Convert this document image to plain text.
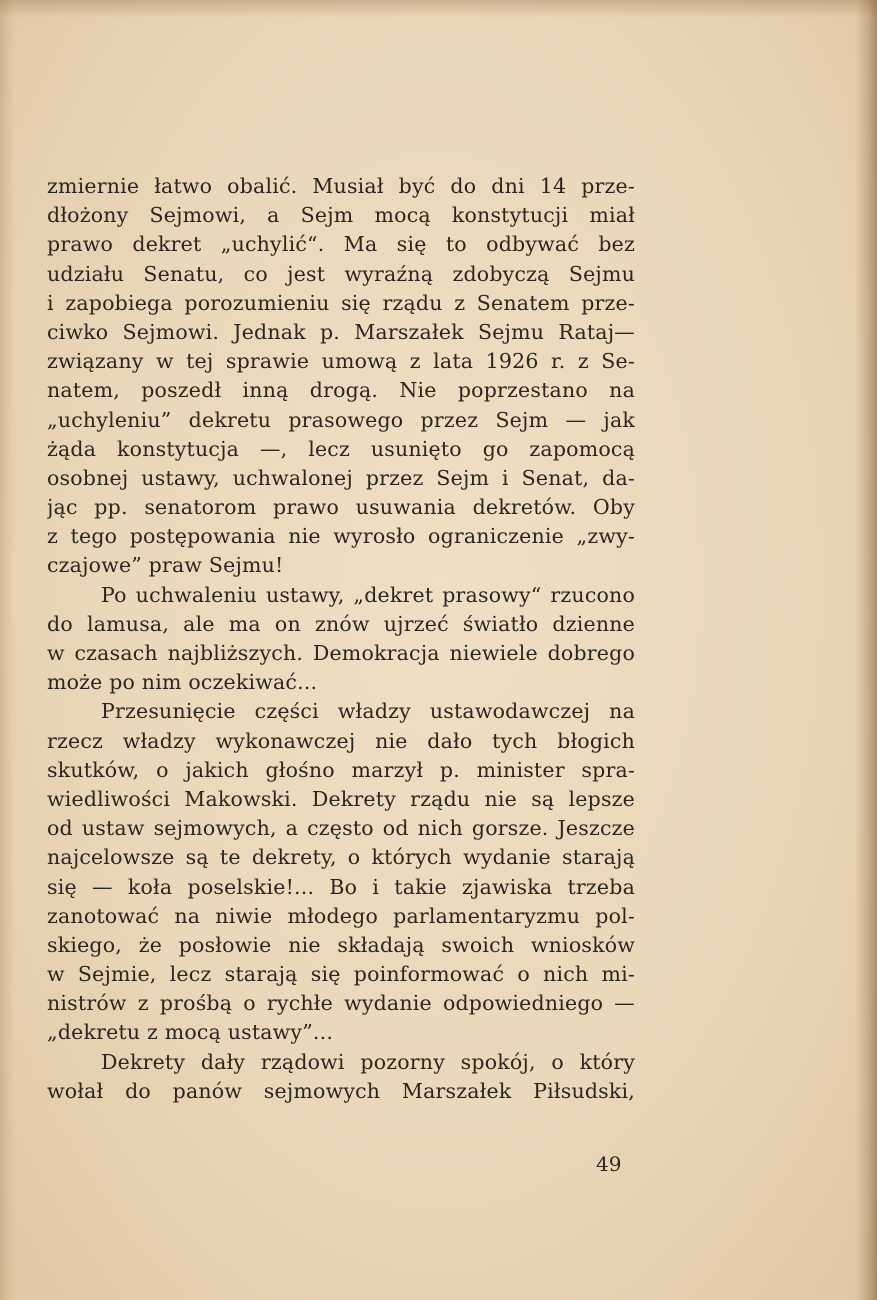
zmiernie łatwo obalić. Musiał być do dni 14 prze-
dłożony Sejmowi, a Sejm mocą konstytucji miał
prawo dekret „uchylić“. Ma się to odbywać bez
udziału Senatu, co jest wyraźną zdobyczą Sejmu
i zapobiega porozumieniu się rządu z Senatem prze-
ciwko Sejmowi. Jednak p. Marszałek Sejmu Rataj—
związany w tej sprawie umową z lata 1926 r. z Se-
natem, poszedł inną drogą. Nie poprzestano na
„uchyleniu” dekretu prasowego przez Sejm — jak
żąda konstytucja —, lecz usunięto go zapomocą
osobnej ustawy, uchwalonej przez Sejm i Senat, da-
jąc pp. senatorom prawo usuwania dekretów. Oby
z tego postępowania nie wyrosło ograniczenie „zwy-
czajowe” praw Sejmu!
Po uchwaleniu ustawy, „dekret prasowy“ rzucono
do lamusa, ale ma on znów ujrzeć światło dzienne
w czasach najbliższych. Demokracja niewiele dobrego
może po nim oczekiwać...
Przesunięcie części władzy ustawodawczej na
rzecz władzy wykonawczej nie dało tych błogich
skutków, o jakich głośno marzył p. minister spra-
wiedliwości Makowski. Dekrety rządu nie są lepsze
od ustaw sejmowych, a często od nich gorsze. Jeszcze
najcelowsze są te dekrety, o których wydanie starają
się — koła poselskie!... Bo i takie zjawiska trzeba
zanotować na niwie młodego parlamentaryzmu pol-
skiego, że posłowie nie składają swoich wniosków
w Sejmie, lecz starają się poinformować o nich mi-
nistrów z prośbą o rychłe wydanie odpowiedniego —
„dekretu z mocą ustawy”...
Dekrety dały rządowi pozorny spokój, o który
wołał do panów sejmowych Marszałek Piłsudski,
49
